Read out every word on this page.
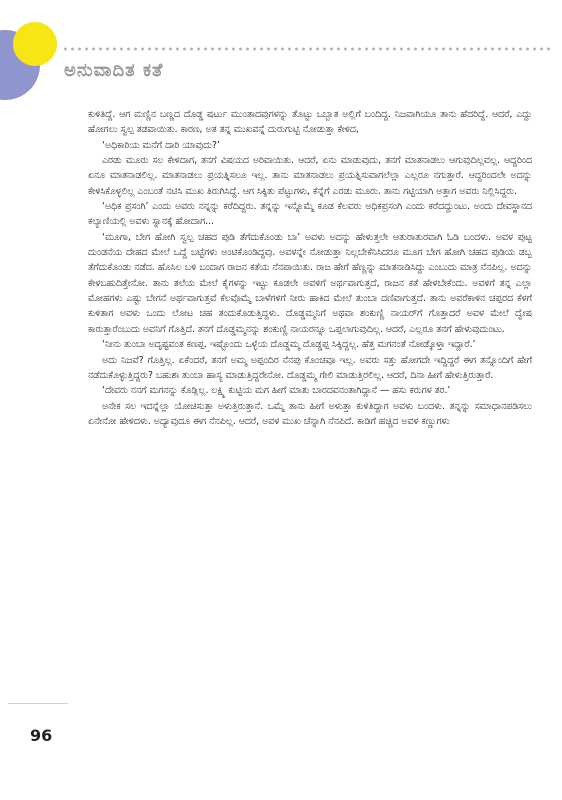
ಅನುವಾದಿತ ಕತೆ

ಕುಳಿತಿದ್ದೆ. ಆಗ ಮಣ್ಣಿನ ಬಣ್ಣದ ದೊಡ್ಡ ಷರ್ಟು ಮುಂತಾದವುಗಳನ್ನು ತೊಟ್ಟು ಒಬ್ಬಾತ ಅಲ್ಲಿಗೆ ಬಂದಿದ್ದ. ನಿಜವಾಗಿಯೂ ತಾನು ಹೆದರಿದ್ದೆ. ಆದರೆ, ಎದ್ದು ಹೋಗಲು ಸ್ವಲ್ಪ ತಡವಾಯಿತು. ಕಾರಣ, ಅತ ತನ್ನ ಮುಖವನ್ನೆ ದುರುಗುಟ್ಟಿ ನೋಡುತ್ತಾ ಕೇಳಿದ,

‘ಅಧಿಕಾರಿಯ ಮನೆಗೆ ದಾರಿ ಯಾವುದು?’

ಎರಡು ಮೂರು ಸಲ ಕೇಳಿದಾಗ, ತನಗೆ ವಿಷಯದ ಅರಿವಾಯಿತು. ಆದರೆ, ಏನು ಮಾಡುವುದು, ತನಗೆ ಮಾತನಾಡಲು ಆಗುವುದಿಲ್ಲವಲ್ಲ. ಆದ್ದರಿಂದ ಏನೂ ಮಾತನಾಡಲಿಲ್ಲ. ಮಾತನಾಡಲು ಪ್ರಯತ್ನಿಸಲೂ ಇಲ್ಲ. ತಾನು ಮಾತನಾಡಲು ಪ್ರಯತ್ನಿಸುವಾಗಲೆಲ್ಲಾ ಎಲ್ಲರೂ ನಗುತ್ತಾರೆ. ಆದ್ದರಿಂದಲೇ ಅದನ್ನು ಕೇಳಿಸಿಕೊಳ್ಳಲಿಲ್ಲ ಎಂಬಂತೆ ನಟಿಸಿ ಮುಖ ತಿರುಗಿಸಿದ್ದೆ. ಆಗ ಸಿಕ್ಕಿತು ಪೆಟ್ಟುಗಳು, ಕೆನ್ನೆಗೆ ಎರಡು ಮೂರು. ತಾನು ಗಟ್ಟಿಯಾಗಿ ಅತ್ತಾಗ ಅವರು ನಿಲ್ಲಿಸಿದ್ದರು.

‘ಅಧಿಕ ಪ್ರಸಂಗಿ’ ಎಂದು ಅವರು ನನ್ನನ್ನು ಕರೆದಿದ್ದರು. ತನ್ನನ್ನು ಇನ್ನೊಮ್ಮೆ ಕೂಡ ಕೆಲವರು ಅಧಿಕಪ್ರಸಂಗಿ ಎಂದು ಕರೆದದ್ದುಂಟು. ಅಂದು ದೇವಸ್ಥಾನದ ಕಲ್ಯಾಣಿಯಲ್ಲಿ ಅವಳು ಸ್ನಾನಕ್ಕೆ ಹೋದಾಗ...

‘ಮೂಗಾ, ಬೇಗ ಹೋಗಿ ಸ್ವಲ್ಪ ಚಹದ ಪುಡಿ ತೆಗೆದುಕೊಂಡು ಬಾ’ ಅವಳು ಅದನ್ನು ಹೇಳುತ್ತಲೇ ಆತುರಾತುರವಾಗಿ ಓಡಿ ಬಂದಳು. ಅವಳ ಪುಟ್ಟ ದುಂಡನೆಯ ದೇಹದ ಮೇಲೆ ಒದ್ದೆ ಬಟ್ಟೆಗಳು ಅಂಟಿಕೊಂಡಿದ್ದವು. ಅವಳನ್ನೇ ನೋಡುತ್ತಾ ನಿಲ್ಲಬೇಕೆನಿಸಿದರೂ ಮೂಗ ಬೇಗ ಹೋಗಿ ಚಹದ ಪುಡಿಯ ಡಬ್ಬ ತೆಗೆದುಕೊಂಡು ನಡೆದ. ಹೊಸಿಲ ಬಳಿ ಬಂದಾಗ ರಾಜನ ಕತೆಯ ನೆನಪಾಯಿತು. ರಾಜ ಹೇಗೆ ಹೆಣ್ಣನ್ನು ಮಾತನಾಡಿಸಿದ್ದು ಎಂಬುದು ಮಾತ್ರ ನೆನಪಿಲ್ಲ. ಅದನ್ನು ಕೇಳಬಹುದಿತ್ತೇನೋ. ತಾನು ತಲೆಯ ಮೇಲೆ ಕೈಗಳನ್ನು ಇಟ್ಟು ಕೂಡಲೇ ಅವಳಿಗೆ ಅರ್ಥವಾಗುತ್ತದೆ, ರಾಜನ ಕತೆ ಹೇಳಬೇಕೆಂದು. ಅವಳಿಗೆ ತನ್ನ ಎಲ್ಲಾ ಮೋಹಗಳು ಎಷ್ಟು ಬೇಗನೆ ಅರ್ಥವಾಗುತ್ತವೆ ಕೆಲವೊಮ್ಮೆ ಬಾಳೆಗಳಿಗೆ ನೀರು ಹಾಕಿದ ಮೇಲೆ ತುಂಬಾ ದಣಿವಾಗುತ್ತದೆ. ತಾನು ಅವರೆಕಾಳಿನ ಚಪ್ಪರದ ಕೆಳಗೆ ಕುಳಿತಾಗ ಅವಳು ಒಂದು ಲೋಟ ಚಹ ತಂದುಕೊಡುತ್ತಿದ್ದಳು. ದೊಡ್ಡಮ್ಮನಿಗೆ ಅಥವಾ ಶಂಕುಣ್ಣಿ ನಾಯರ್‌ಗೆ ಗೊತ್ತಾದರೆ ಅವಳ ಮೇಲೆ ದ್ವೇಷ ಕಾರುತ್ತಾರೆಂಬುದು ಅವನಿಗೆ ಗೊತ್ತಿದೆ. ತನಗೆ ದೊಡ್ಡಮ್ಮನನ್ನು ಶಂಕುಣ್ಣಿ ನಾಯರನ್ನೂ ಒಪ್ಪಲಾಗುವುದಿಲ್ಲ. ಆದರೆ, ಎಲ್ಲರೂ ತನಗೆ ಹೇಳುವುದುಂಟು.

‘ನೀನು ತುಂಬಾ ಅದೃಷ್ಟವಂತ ಕಣಪ್ಪ. ಇಷ್ಟೊಂದು ಒಳ್ಳೆಯ ದೊಡ್ಡಮ್ಮ ದೊಡ್ಡಪ್ಪ ಸಿಕ್ಕಿದ್ದಲ್ಲ. ಹೆತ್ತ ಮಗನಂತೆ ನೋಡ್ಕೊಳ್ತಾ ಇದ್ದಾರೆ.’

ಅದು ನಿಜವೆ? ಗೊತ್ತಿಲ್ಲ. ಏಕೆಂದರೆ, ತನಗೆ ಅಮ್ಮ ಅಪ್ಪಂದಿರ ನೆನಪು ಕೊಂಚವೂ ಇಲ್ಲ. ಅವರು ಸತ್ತು ಹೋಗದೇ ಇದ್ದಿದ್ದರೆ ಈಗ ತನ್ನೊಂದಿಗೆ ಹೇಗೆ ನಡೆದುಕೊಳ್ಳುತ್ತಿದ್ದರು? ಬಹುಶಃ ತುಂಬಾ ಹಾಸ್ಯ ಮಾಡುತ್ತಿದ್ದರೇನೋ. ದೊಡ್ಡಮ್ಮ ಗೇಲಿ ಮಾಡುತ್ತಿರಲಿಲ್ಲ. ಆದರೆ, ದಿನಾ ಹೀಗೆ ಹೇಳುತ್ತಿರುತ್ತಾರೆ.

‘ದೇವರು ನನಗೆ ಮಗನನ್ನು ಕೊಡ್ಲಿಲ್ಲ. ಲಕ್ಷ್ಮಿ ಕುಟ್ಟಿಯ ಮಗ ಹೀಗೆ ಮಾತು ಬಾರದವನಂತಾಗಿದ್ದಾನೆ — ಹಸು ಕರುಗಳ ತರ.’

ಅನೇಕ ಸಲ ಇದನ್ನೆಲ್ಲಾ ಯೋಚಿಸುತ್ತಾ ಅಳುತ್ತಿರುತ್ತಾನೆ. ಒಮ್ಮೆ ತಾನು ಹೀಗೆ ಅಳುತ್ತಾ ಕುಳಿತಿದ್ದಾಗ ಅವಳು ಬಂದಳು. ತನ್ನನ್ನು ಸಮಾಧಾನಪಡಿಸಲು ಏನೇನೋ ಹೇಳಿದಳು. ಅದ್ಯಾವುದೂ ಈಗ ನೆನಪಿಲ್ಲ. ಆದರೆ, ಅವಳ ಮುಖ ಚೆನ್ನಾಗಿ ನೆನಪಿದೆ. ಕಾಡಿಗೆ ಹಚ್ಚಿದ ಅವಳ ಕಣ್ಣುಗಳು

96
